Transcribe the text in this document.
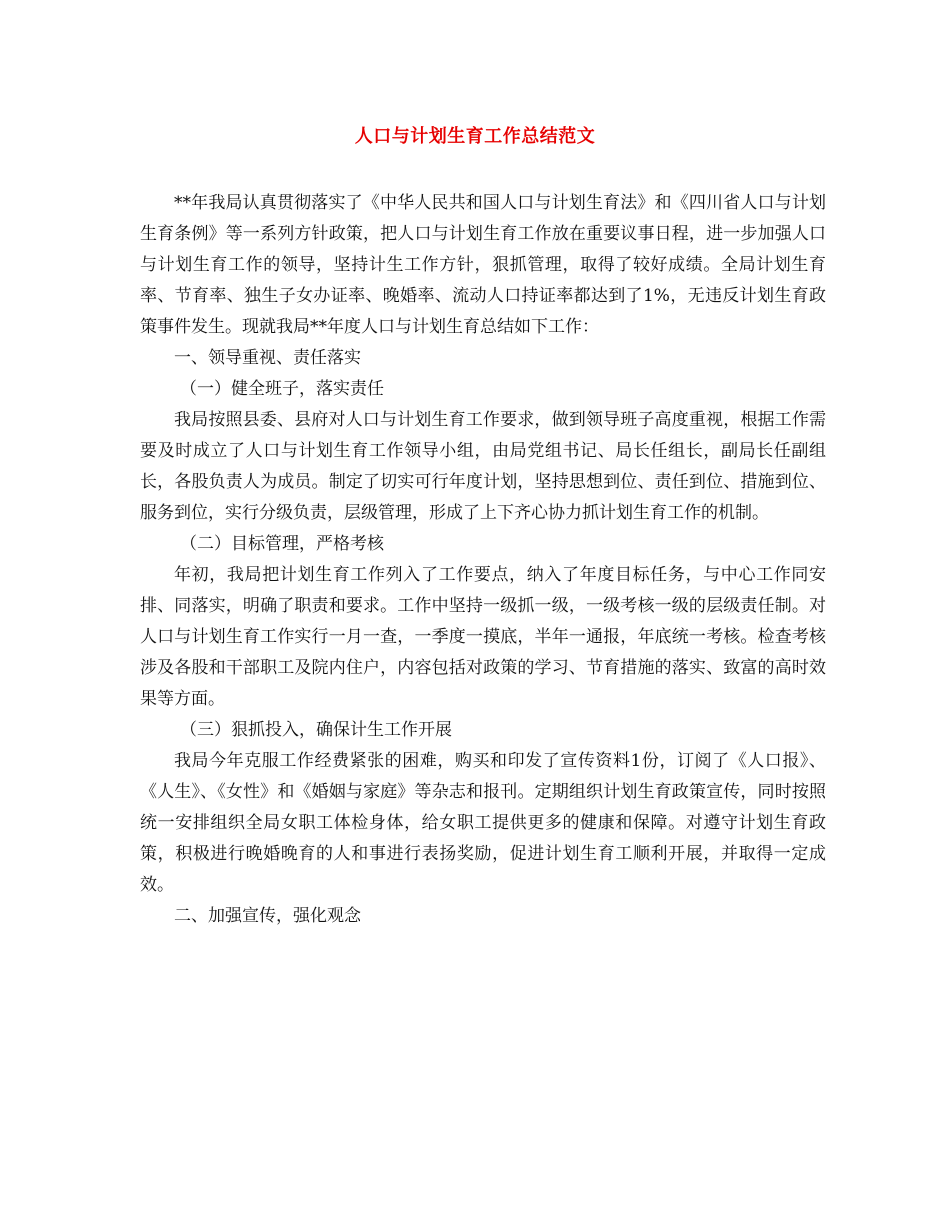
人口与计划生育工作总结范文

**年我局认真贯彻落实了《中华人民共和国人口与计划生育法》和《四川省人口与计划生育条例》等一系列方针政策，把人口与计划生育工作放在重要议事日程，进一步加强人口与计划生育工作的领导，坚持计生工作方针，狠抓管理，取得了较好成绩。全局计划生育率、节育率、独生子女办证率、晚婚率、流动人口持证率都达到了1%，无违反计划生育政策事件发生。现就我局**年度人口与计划生育总结如下工作：

一、领导重视、责任落实

（一）健全班子，落实责任

我局按照县委、县府对人口与计划生育工作要求，做到领导班子高度重视，根据工作需要及时成立了人口与计划生育工作领导小组，由局党组书记、局长任组长，副局长任副组长，各股负责人为成员。制定了切实可行年度计划，坚持思想到位、责任到位、措施到位、服务到位，实行分级负责，层级管理，形成了上下齐心协力抓计划生育工作的机制。

（二）目标管理，严格考核

年初，我局把计划生育工作列入了工作要点，纳入了年度目标任务，与中心工作同安排、同落实，明确了职责和要求。工作中坚持一级抓一级，一级考核一级的层级责任制。对人口与计划生育工作实行一月一查，一季度一摸底，半年一通报，年底统一考核。检查考核涉及各股和干部职工及院内住户，内容包括对政策的学习、节育措施的落实、致富的高时效果等方面。

（三）狠抓投入，确保计生工作开展

我局今年克服工作经费紧张的困难，购买和印发了宣传资料1份，订阅了《人口报》、《人生》、《女性》和《婚姻与家庭》等杂志和报刊。定期组织计划生育政策宣传，同时按照统一安排组织全局女职工体检身体，给女职工提供更多的健康和保障。对遵守计划生育政策，积极进行晚婚晚育的人和事进行表扬奖励，促进计划生育工顺利开展，并取得一定成效。

二、加强宣传，强化观念
